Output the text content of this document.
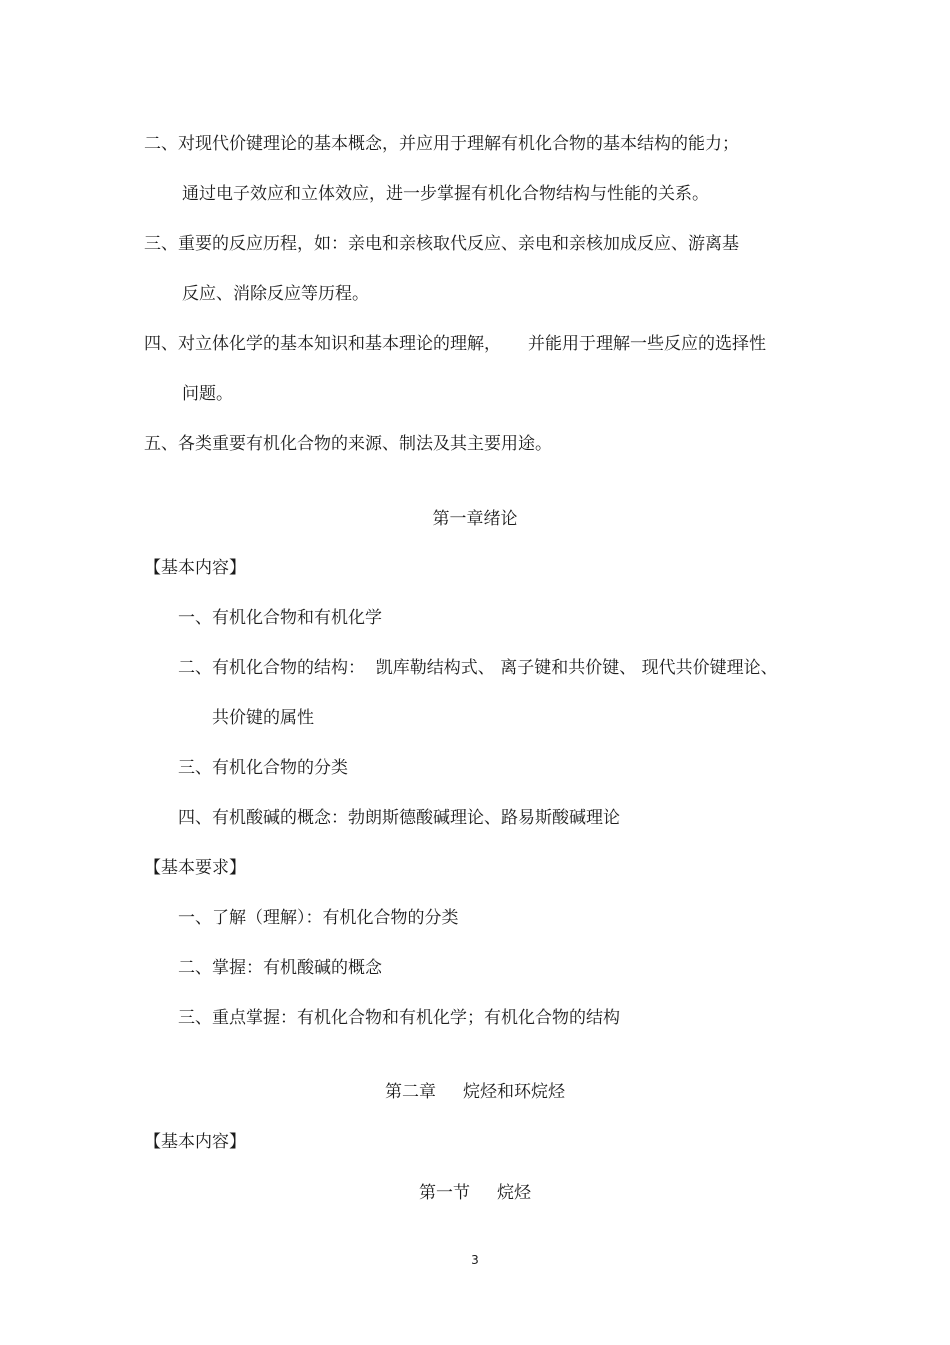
二、对现代价键理论的基本概念，并应用于理解有机化合物的基本结构的能力；
通过电子效应和立体效应，进一步掌握有机化合物结构与性能的关系。
三、重要的反应历程，如：亲电和亲核取代反应、亲电和亲核加成反应、游离基
反应、消除反应等历程。
四、对立体化学的基本知识和基本理论的理解，     并能用于理解一些反应的选择性
问题。
五、各类重要有机化合物的来源、制法及其主要用途。
第一章绪论
【基本内容】
一、有机化合物和有机化学
二、有机化合物的结构：  凯库勒结构式、 离子键和共价键、 现代共价键理论、
共价键的属性
三、有机化合物的分类
四、有机酸碱的概念：勃朗斯德酸碱理论、路易斯酸碱理论
【基本要求】
一、了解（理解）：有机化合物的分类
二、掌握：有机酸碱的概念
三、重点掌握：有机化合物和有机化学；有机化合物的结构
第二章     烷烃和环烷烃
【基本内容】
第一节     烷烃
3
